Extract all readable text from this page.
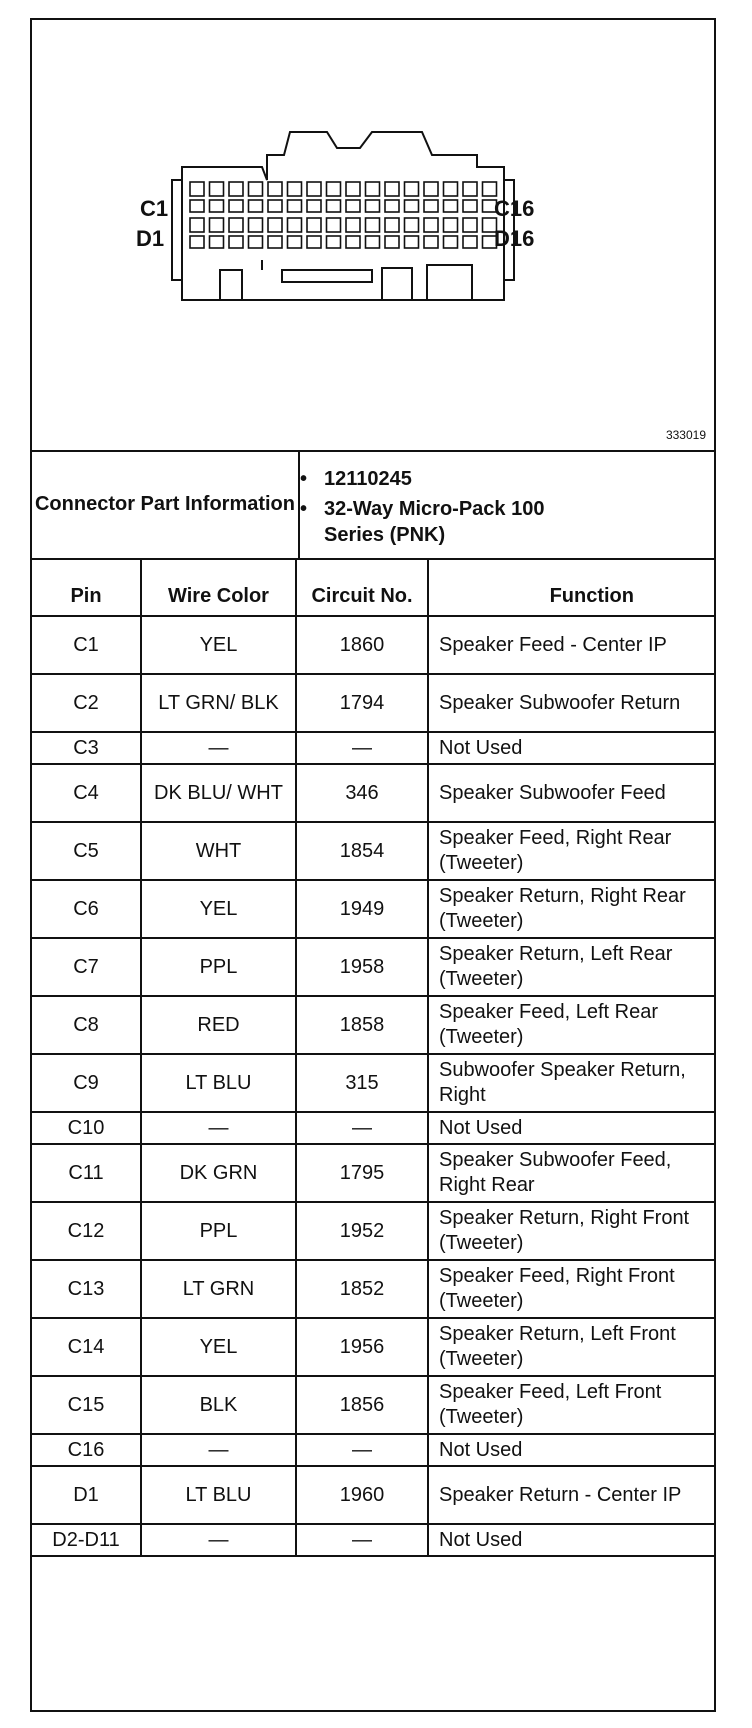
C1
D1
C16
D16
333019
Connector Part Information
• 12110245
• 32-Way Micro-Pack 100 Series (PNK)
Pin	Wire Color	Circuit No.	Function
C1	YEL	1860	Speaker Feed - Center IP
C2	LT GRN/ BLK	1794	Speaker Subwoofer Return
C3	—	—	Not Used
C4	DK BLU/ WHT	346	Speaker Subwoofer Feed
C5	WHT	1854	Speaker Feed, Right Rear (Tweeter)
C6	YEL	1949	Speaker Return, Right Rear (Tweeter)
C7	PPL	1958	Speaker Return, Left Rear (Tweeter)
C8	RED	1858	Speaker Feed, Left Rear (Tweeter)
C9	LT BLU	315	Subwoofer Speaker Return, Right
C10	—	—	Not Used
C11	DK GRN	1795	Speaker Subwoofer Feed, Right Rear
C12	PPL	1952	Speaker Return, Right Front (Tweeter)
C13	LT GRN	1852	Speaker Feed, Right Front (Tweeter)
C14	YEL	1956	Speaker Return, Left Front (Tweeter)
C15	BLK	1856	Speaker Feed, Left Front (Tweeter)
C16	—	—	Not Used
D1	LT BLU	1960	Speaker Return - Center IP
D2-D11	—	—	Not Used
